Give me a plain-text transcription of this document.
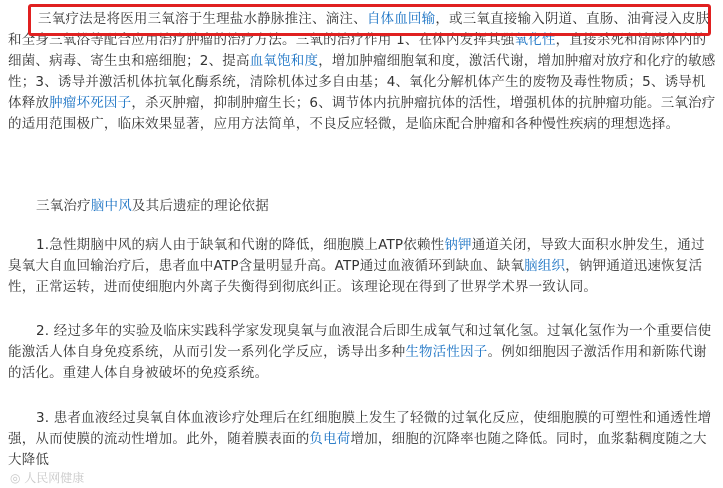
三氧疗法是将医用三氧溶于生理盐水静脉推注、滴注、自体血回输，或三氧直接输入阴道、直肠、油膏浸入皮肤和全身三氧浴等配合应用治疗肿瘤的治疗方法。三氧的治疗作用 1、在体内发挥其强氧化性，直接杀死和清除体内的细菌、病毒、寄生虫和癌细胞；2、提高血氧饱和度，增加肿瘤细胞氧和度，激活代谢，增加肿瘤对放疗和化疗的敏感性；3、诱导并激活机体抗氧化酶系统，清除机体过多自由基；4、氧化分解机体产生的废物及毒性物质；5、诱导机体释放肿瘤坏死因子，杀灭肿瘤，抑制肿瘤生长；6、调节体内抗肿瘤抗体的活性，增强机体的抗肿瘤功能。三氧治疗的适用范围极广，临床效果显著，应用方法简单，不良反应轻微，是临床配合肿瘤和各种慢性疾病的理想选择。

三氧治疗脑中风及其后遗症的理论依据

1.急性期脑中风的病人由于缺氧和代谢的降低，细胞膜上ATP依赖性钠钾通道关闭，导致大面积水肿发生，通过臭氧大自血回输治疗后，患者血中ATP含量明显升高。ATP通过血液循环到缺血、缺氧脑组织，钠钾通道迅速恢复活性，正常运转，进而使细胞内外离子失衡得到彻底纠正。该理论现在得到了世界学术界一致认同。

2. 经过多年的实验及临床实践科学家发现臭氧与血液混合后即生成氧气和过氧化氢。过氧化氢作为一个重要信使能激活人体自身免疫系统，从而引发一系列化学反应，诱导出多种生物活性因子。例如细胞因子激活作用和新陈代谢的活化。重建人体自身被破坏的免疫系统。

3. 患者血液经过臭氧自体血液诊疗处理后在红细胞膜上发生了轻微的过氧化反应，使细胞膜的可塑性和通透性增强，从而使膜的流动性增加。此外，随着膜表面的负电荷增加，细胞的沉降率也随之降低。同时，血浆黏稠度随之大大降低

◎ 人民网健康
